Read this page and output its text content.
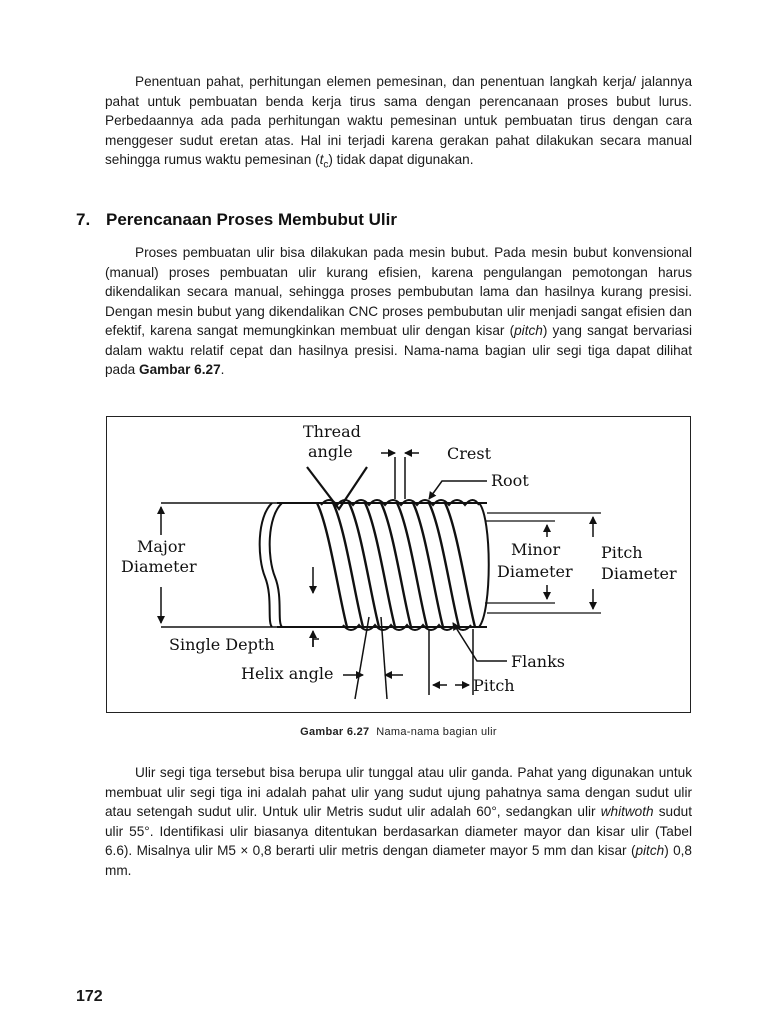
Penentuan pahat, perhitungan elemen pemesinan, dan penentuan langkah kerja/ jalannya pahat untuk pembuatan benda kerja tirus sama dengan perencanaan proses bubut lurus. Perbedaannya ada pada perhitungan waktu pemesinan untuk pembuatan tirus dengan cara menggeser sudut eretan atas. Hal ini terjadi karena gerakan pahat dilakukan secara manual sehingga rumus waktu pemesinan $(t_c)$ tidak dapat digunakan.

7. Perencanaan Proses Membubut Ulir

Proses pembuatan ulir bisa dilakukan pada mesin bubut. Pada mesin bubut konvensional (manual) proses pembuatan ulir kurang efisien, karena pengulangan pemotongan harus dikendalikan secara manual, sehingga proses pembubutan lama dan hasilnya kurang presisi. Dengan mesin bubut yang dikendalikan CNC proses pembubutan ulir menjadi sangat efisien dan efektif, karena sangat memungkinkan membuat ulir dengan kisar (pitch) yang sangat bervariasi dalam waktu relatif cepat dan hasilnya presisi. Nama-nama bagian ulir segi tiga dapat dilihat pada Gambar 6.27.

Thread
angle	Crest
Root
Major
Diameter
Minor
Diameter
Pitch
Diameter
Single Depth
Helix angle
Flanks
Pitch
Gambar 6.27 Nama-nama bagian ulir

Ulir segi tiga tersebut bisa berupa ulir tunggal atau ulir ganda. Pahat yang digunakan untuk membuat ulir segi tiga ini adalah pahat ulir yang sudut ujung pahatnya sama dengan sudut ulir atau setengah sudut ulir. Untuk ulir Metris sudut ulir adalah 60°, sedangkan ulir whitwoth sudut ulir 55°. Identifikasi ulir biasanya ditentukan berdasarkan diameter mayor dan kisar ulir (Tabel 6.6). Misalnya ulir M5 × 0,8 berarti ulir metris dengan diameter mayor 5 mm dan kisar (pitch) 0,8 mm.

172
